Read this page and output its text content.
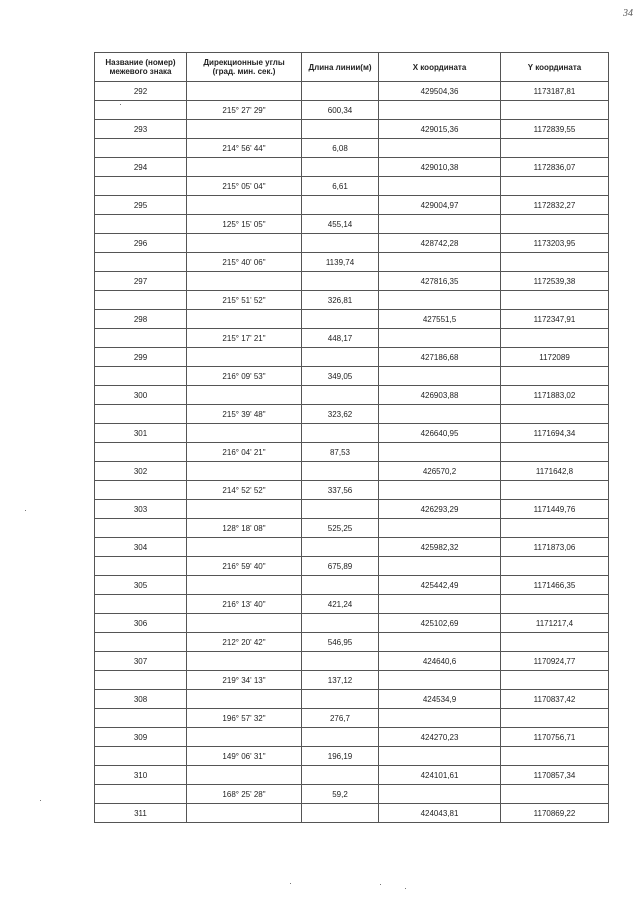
34
Название (номер) межевого знака	Дирекционные углы (град. мин. сек.)	Длина линии(м)	X координата	Y координата
292			429504,36	1173187,81
	215° 27' 29"	600,34		
293			429015,36	1172839,55
	214° 56' 44"	6,08		
294			429010,38	1172836,07
	215° 05' 04"	6,61		
295			429004,97	1172832,27
	125° 15' 05"	455,14		
296			428742,28	1173203,95
	215° 40' 06"	1139,74		
297			427816,35	1172539,38
	215° 51' 52"	326,81		
298			427551,5	1172347,91
	215° 17' 21"	448,17		
299			427186,68	1172089
	216° 09' 53"	349,05		
300			426903,88	1171883,02
	215° 39' 48"	323,62		
301			426640,95	1171694,34
	216° 04' 21"	87,53		
302			426570,2	1171642,8
	214° 52' 52"	337,56		
303			426293,29	1171449,76
	128° 18' 08"	525,25		
304			425982,32	1171873,06
	216° 59' 40"	675,89		
305			425442,49	1171466,35
	216° 13' 40"	421,24		
306			425102,69	1171217,4
	212° 20' 42"	546,95		
307			424640,6	1170924,77
	219° 34' 13"	137,12		
308			424534,9	1170837,42
	196° 57' 32"	276,7		
309			424270,23	1170756,71
	149° 06' 31"	196,19		
310			424101,61	1170857,34
	168° 25' 28"	59,2		
311			424043,81	1170869,22
